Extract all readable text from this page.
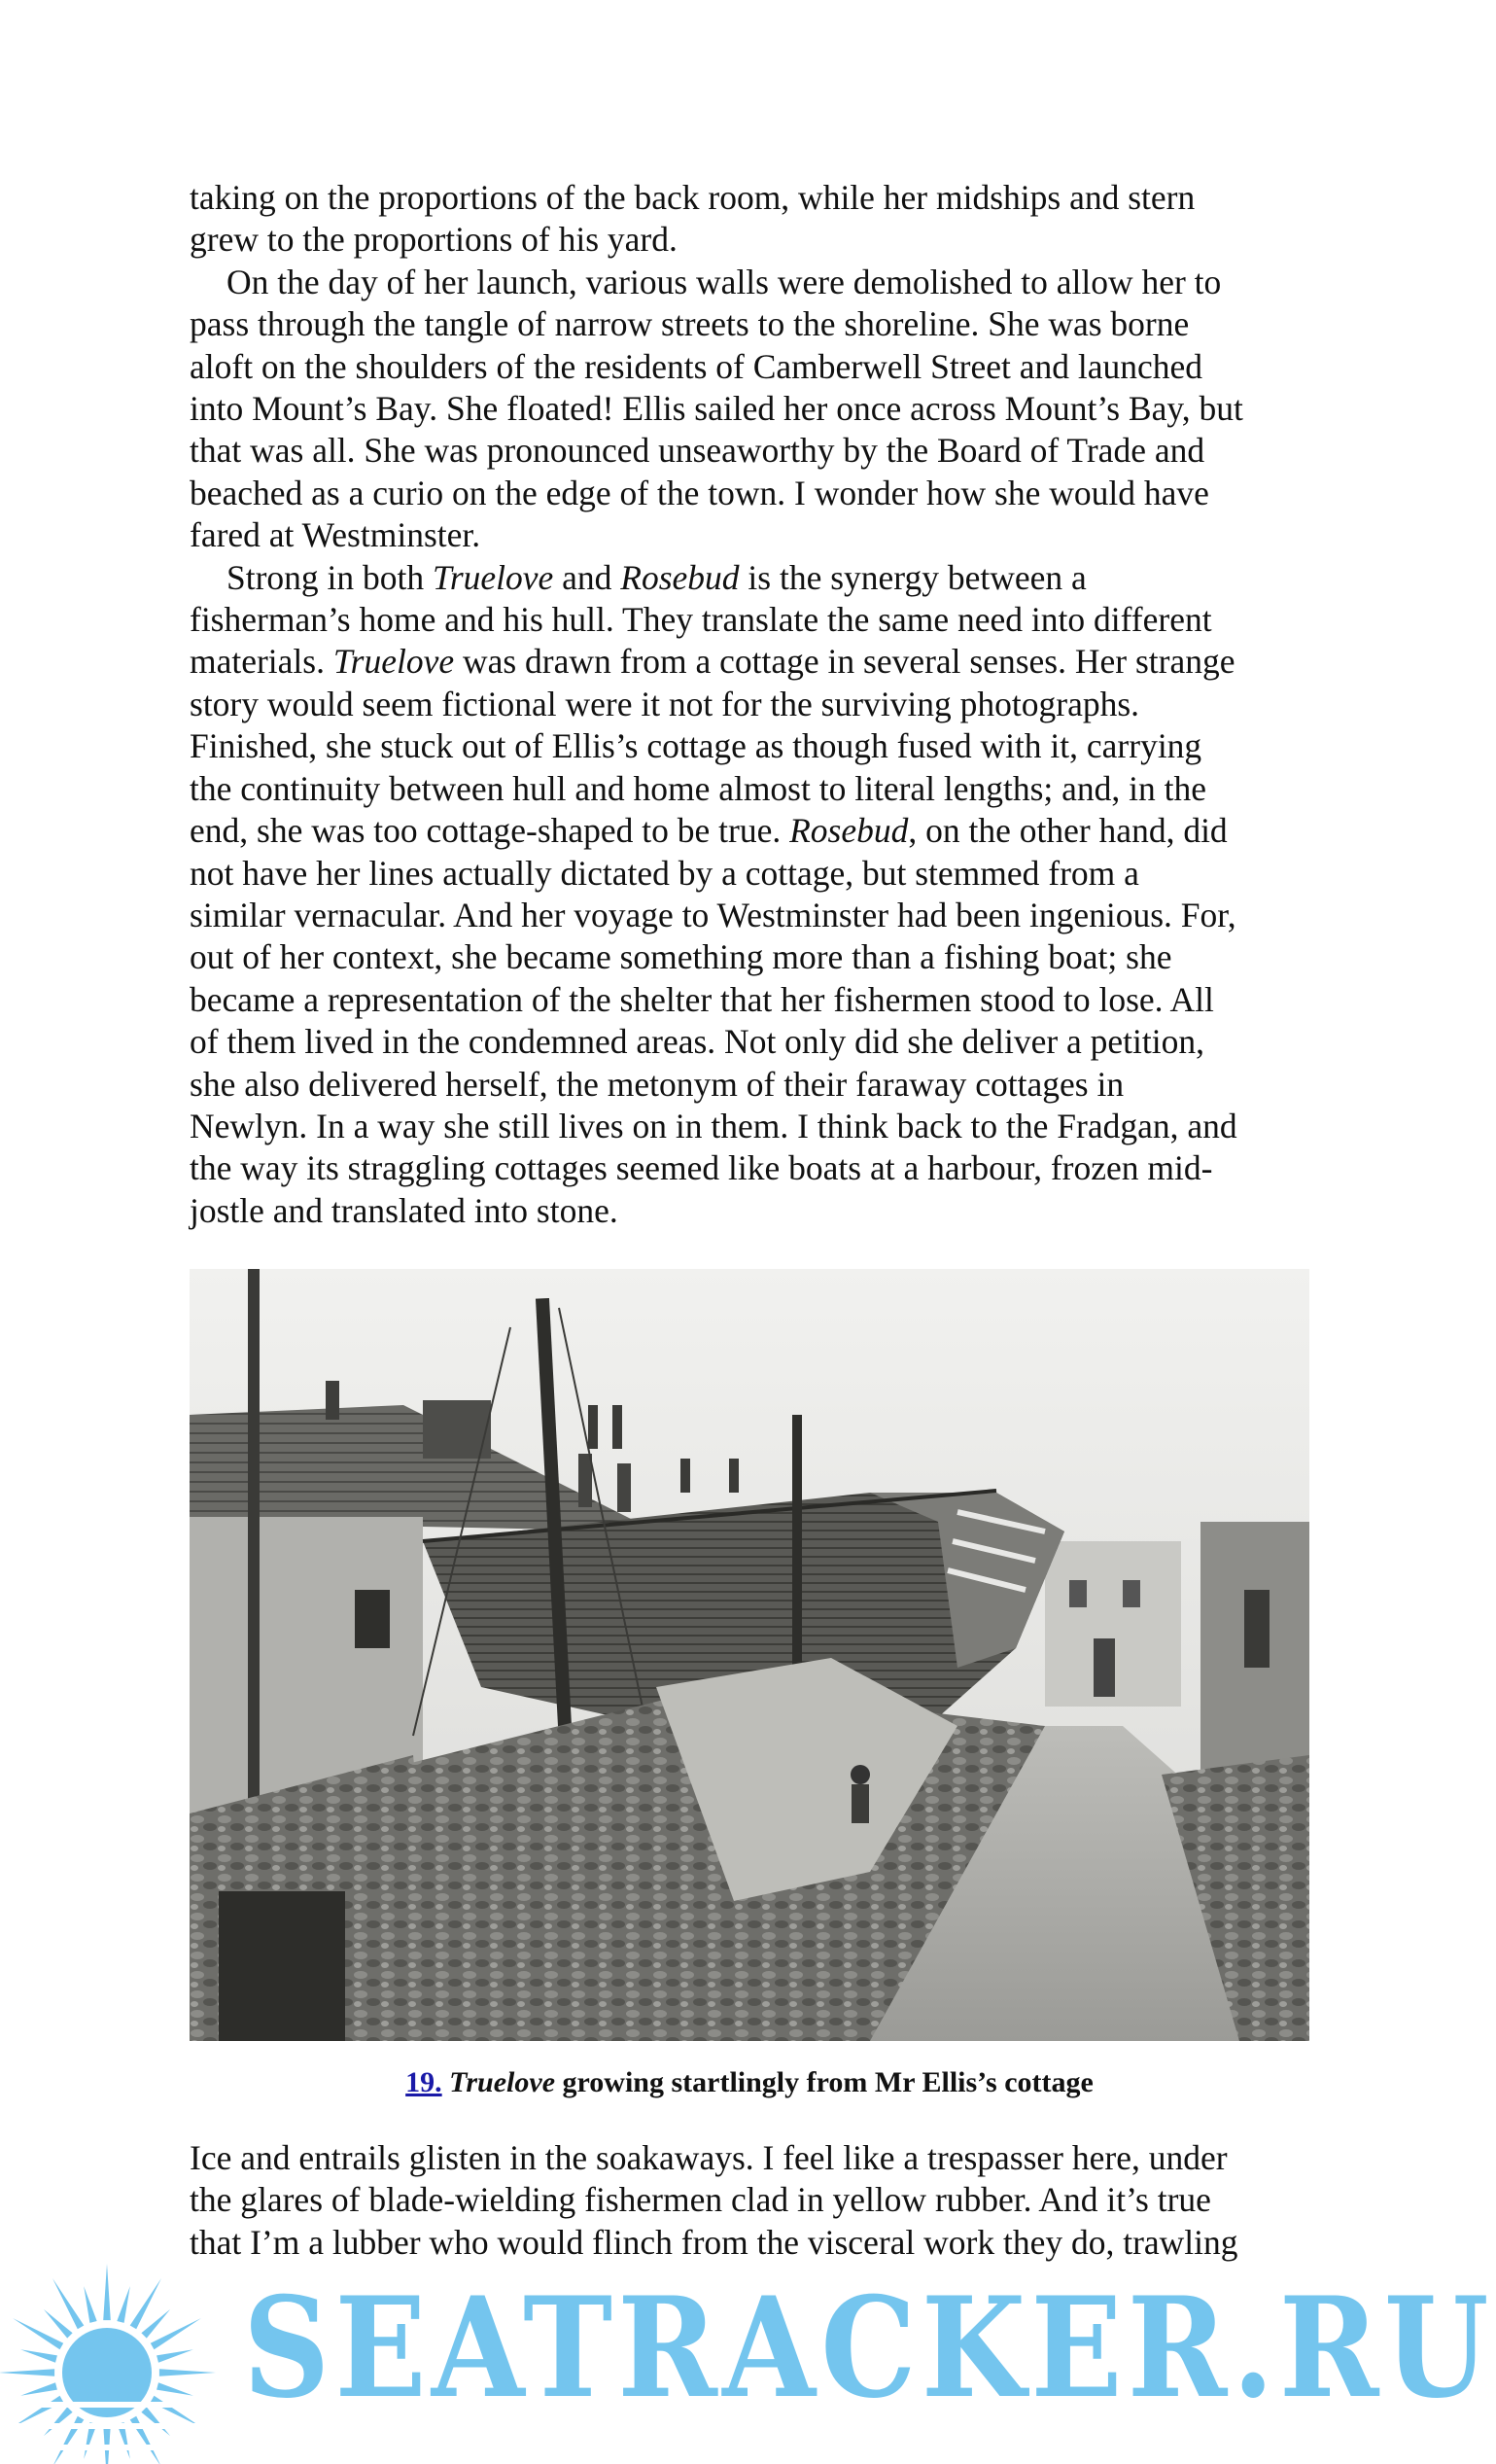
taking on the proportions of the back room, while her midships and stern
grew to the proportions of his yard.
On the day of her launch, various walls were demolished to allow her to
pass through the tangle of narrow streets to the shoreline. She was borne
aloft on the shoulders of the residents of Camberwell Street and launched
into Mount’s Bay. She floated! Ellis sailed her once across Mount’s Bay, but
that was all. She was pronounced unseaworthy by the Board of Trade and
beached as a curio on the edge of the town. I wonder how she would have
fared at Westminster.
Strong in both Truelove and Rosebud is the synergy between a
fisherman’s home and his hull. They translate the same need into different
materials. Truelove was drawn from a cottage in several senses. Her strange
story would seem fictional were it not for the surviving photographs.
Finished, she stuck out of Ellis’s cottage as though fused with it, carrying
the continuity between hull and home almost to literal lengths; and, in the
end, she was too cottage-shaped to be true. Rosebud, on the other hand, did
not have her lines actually dictated by a cottage, but stemmed from a
similar vernacular. And her voyage to Westminster had been ingenious. For,
out of her context, she became something more than a fishing boat; she
became a representation of the shelter that her fishermen stood to lose. All
of them lived in the condemned areas. Not only did she deliver a petition,
she also delivered herself, the metonym of their faraway cottages in
Newlyn. In a way she still lives on in them. I think back to the Fradgan, and
the way its straggling cottages seemed like boats at a harbour, frozen mid-
jostle and translated into stone.
19. Truelove growing startlingly from Mr Ellis’s cottage
Ice and entrails glisten in the soakaways. I feel like a trespasser here, under
the glares of blade-wielding fishermen clad in yellow rubber. And it’s true
that I’m a lubber who would flinch from the visceral work they do, trawling
SEATRACKER.RU
